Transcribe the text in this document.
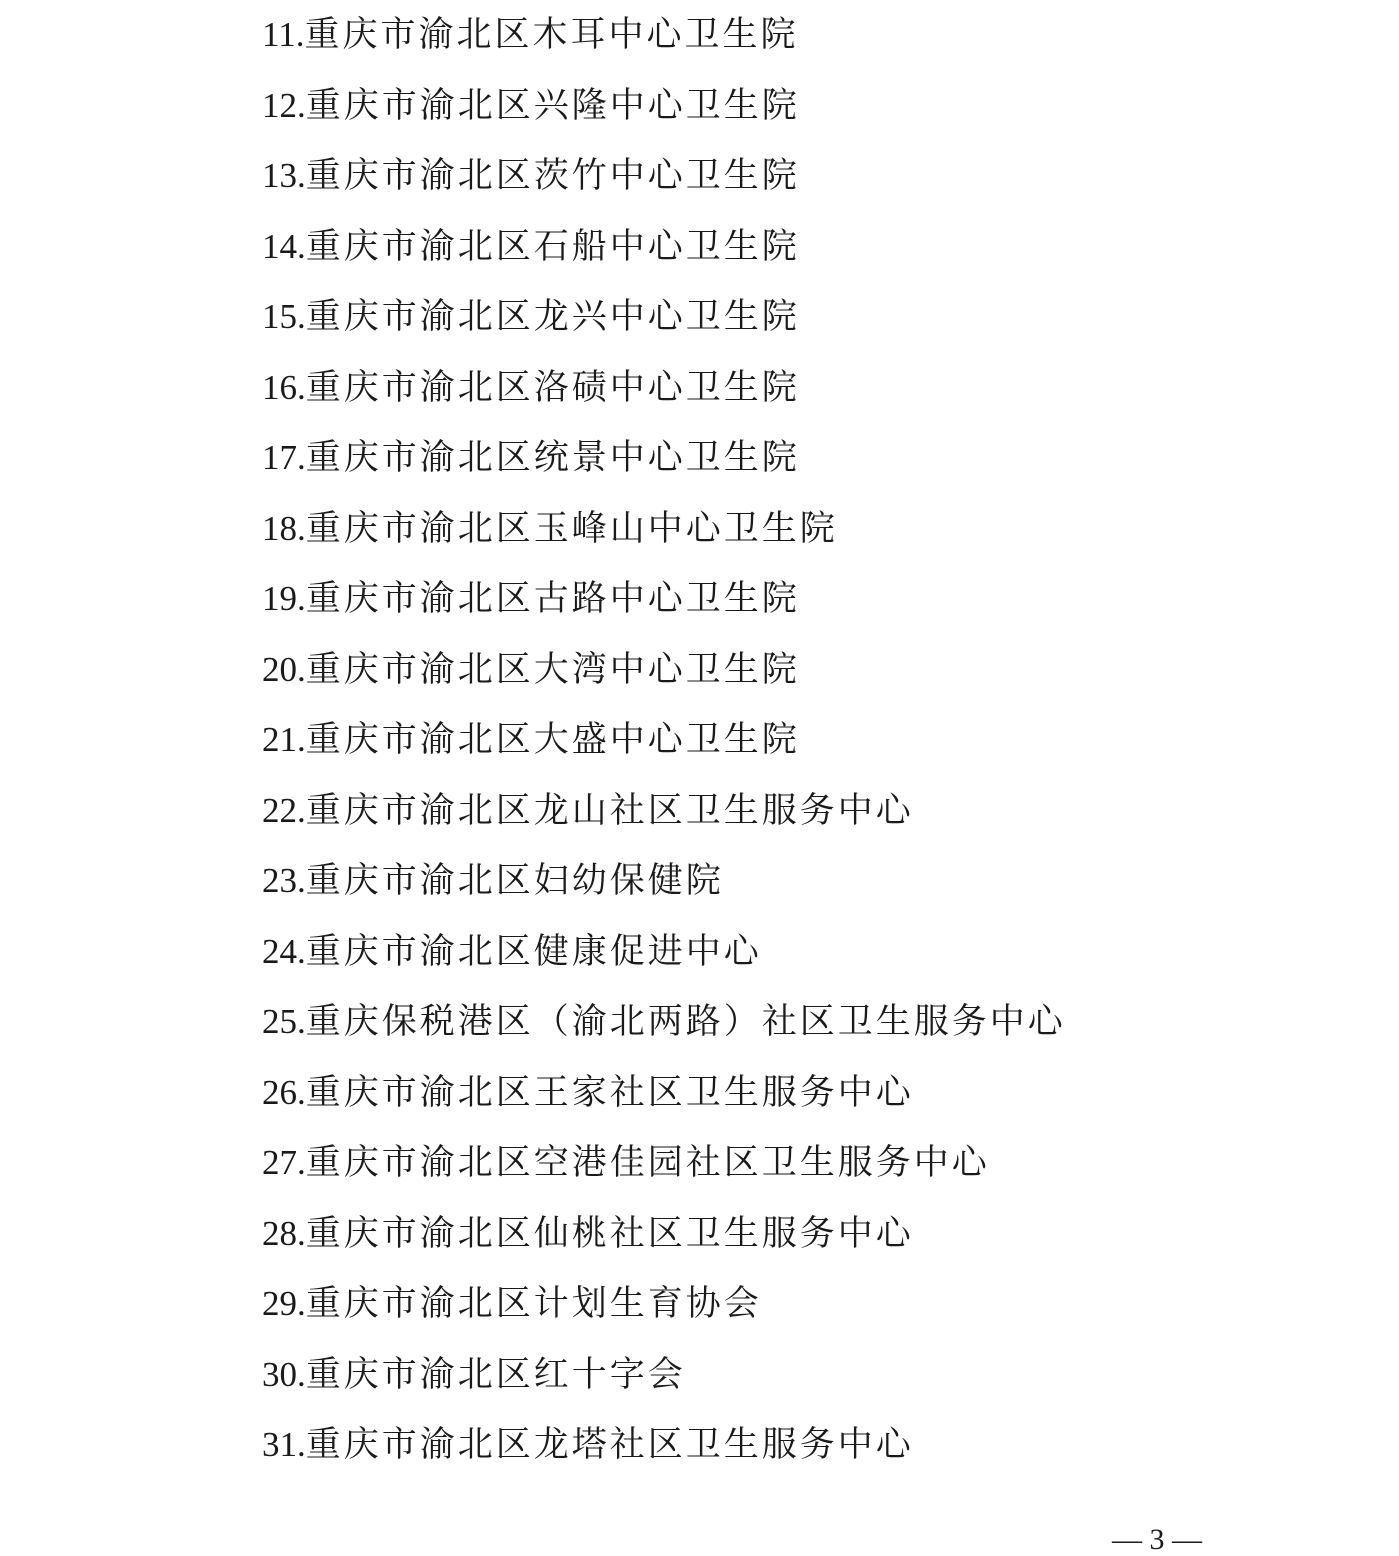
11.重庆市渝北区木耳中心卫生院
12.重庆市渝北区兴隆中心卫生院
13.重庆市渝北区茨竹中心卫生院
14.重庆市渝北区石船中心卫生院
15.重庆市渝北区龙兴中心卫生院
16.重庆市渝北区洛碛中心卫生院
17.重庆市渝北区统景中心卫生院
18.重庆市渝北区玉峰山中心卫生院
19.重庆市渝北区古路中心卫生院
20.重庆市渝北区大湾中心卫生院
21.重庆市渝北区大盛中心卫生院
22.重庆市渝北区龙山社区卫生服务中心
23.重庆市渝北区妇幼保健院
24.重庆市渝北区健康促进中心
25.重庆保税港区（渝北两路）社区卫生服务中心
26.重庆市渝北区王家社区卫生服务中心
27.重庆市渝北区空港佳园社区卫生服务中心
28.重庆市渝北区仙桃社区卫生服务中心
29.重庆市渝北区计划生育协会
30.重庆市渝北区红十字会
31.重庆市渝北区龙塔社区卫生服务中心
— 3 —
